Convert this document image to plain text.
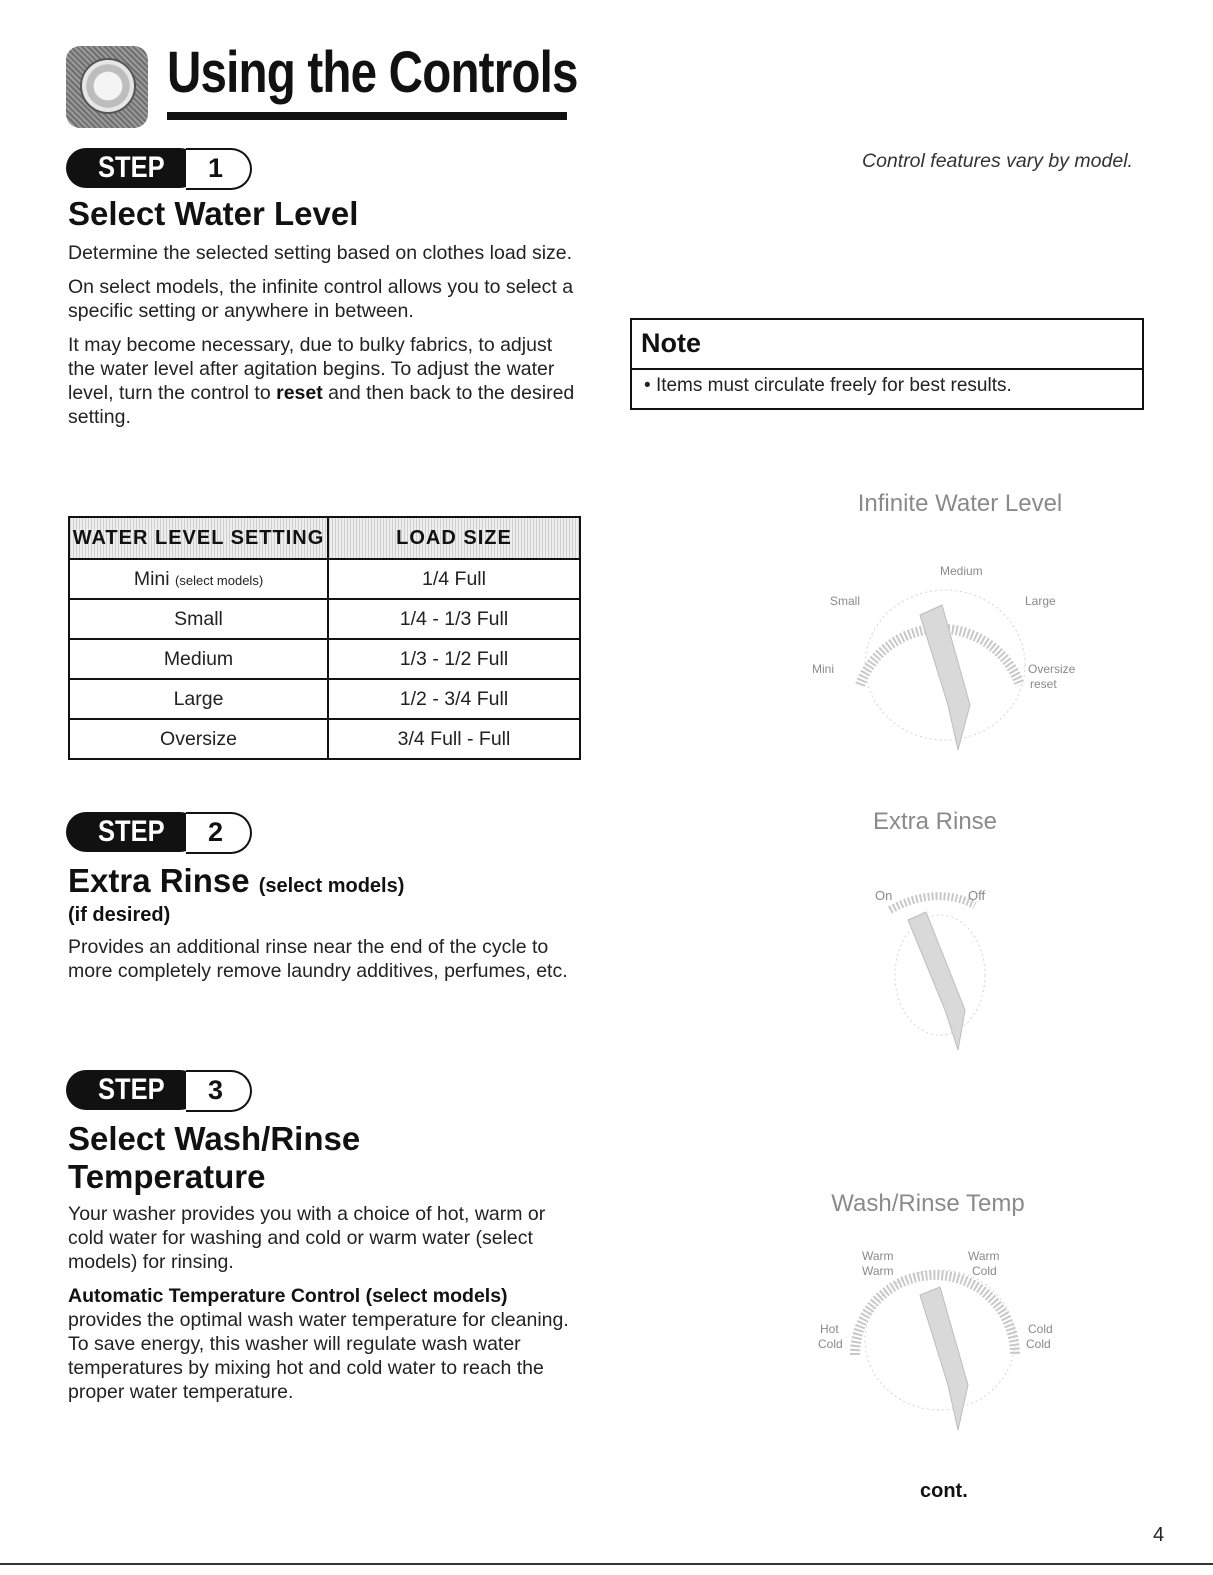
Using the Controls
Control features vary by model.
STEP 1
Select Water Level

Determine the selected setting based on clothes load size.

On select models, the infinite control allows you to select a specific setting or anywhere in between.

It may become necessary, due to bulky fabrics, to adjust the water level after agitation begins. To adjust the water level, turn the control to reset and then back to the desired setting.

WATER LEVEL SETTING	LOAD SIZE
Mini (select models)	1/4 Full
Small	1/4 - 1/3 Full
Medium	1/3 - 1/2 Full
Large	1/2 - 3/4 Full
Oversize	3/4 Full - Full
Note
• Items must circulate freely for best results.
Infinite Water Level
Medium
Small	Large
Mini	Oversize
reset
STEP 2
Extra Rinse (select models)
(if desired)
Provides an additional rinse near the end of the cycle to more completely remove laundry additives, perfumes, etc.
Extra Rinse
On	Off
STEP 3
Select Wash/Rinse
Temperature

Your washer provides you with a choice of hot, warm or cold water for washing and cold or warm water (select models) for rinsing.

Automatic Temperature Control (select models)
provides the optimal wash water temperature for cleaning. To save energy, this washer will regulate wash water temperatures by mixing hot and cold water to reach the proper water temperature.
Wash/Rinse Temp
Warm
Warm
Warm
Cold
Hot
Cold
Cold
Cold
cont.
4
